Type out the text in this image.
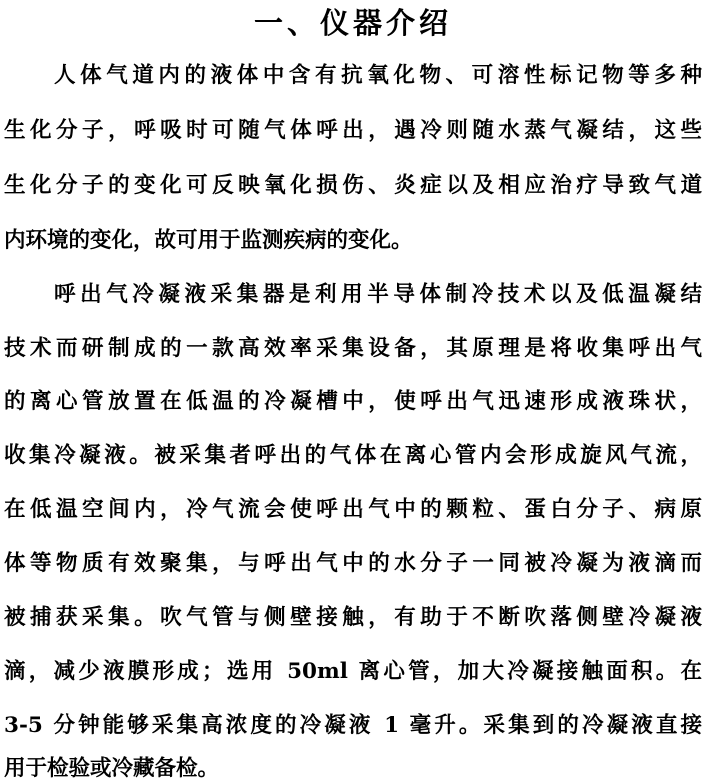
一、仪器介绍

人体气道内的液体中含有抗氧化物、可溶性标记物等多种

生化分子，呼吸时可随气体呼出，遇冷则随水蒸气凝结，这些

生化分子的变化可反映氧化损伤、炎症以及相应治疗导致气道

内环境的变化，故可用于监测疾病的变化。

呼出气冷凝液采集器是利用半导体制冷技术以及低温凝结

技术而研制成的一款高效率采集设备，其原理是将收集呼出气

的离心管放置在低温的冷凝槽中，使呼出气迅速形成液珠状，

收集冷凝液。被采集者呼出的气体在离心管内会形成旋风气流，

在低温空间内，冷气流会使呼出气中的颗粒、蛋白分子、病原

体等物质有效聚集，与呼出气中的水分子一同被冷凝为液滴而

被捕获采集。吹气管与侧壁接触，有助于不断吹落侧壁冷凝液

滴，减少液膜形成；选用 50ml 离心管，加大冷凝接触面积。在

3-5 分钟能够采集高浓度的冷凝液 1 毫升。采集到的冷凝液直接

用于检验或冷藏备检。
